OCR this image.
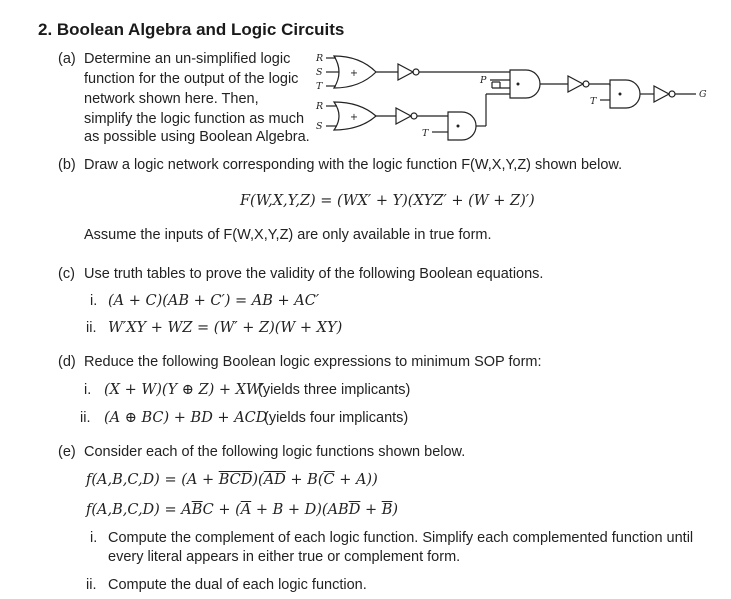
2. Boolean Algebra and Logic Circuits
(a) Determine an un-simplified logic
function for the output of the logic
network shown here. Then,
simplify the logic function as much
as possible using Boolean Algebra.
R
S
T
+
R
S
+
P
T
T
G
(b) Draw a logic network corresponding with the logic function F(W,X,Y,Z) shown below.
F(W,X,Y,Z) = (WX′ + Y)(XYZ′ + (W + Z)′)
Assume the inputs of F(W,X,Y,Z) are only available in true form.
(c) Use truth tables to prove the validity of the following Boolean equations.
i. (A + C)(AB + C′) = AB + AC′
ii. W′XY + WZ = (W′ + Z)(W + XY)
(d) Reduce the following Boolean logic expressions to minimum SOP form:
i. (X + W)(Y ⊕ Z) + XW′
(yields three implicants)
ii. (A ⊕ BC) + BD + ACD
(yields four implicants)
(e) Consider each of the following logic functions shown below.
$f(A,B,C,D) = (A + \overline{BCD})(\overline{AD} + B(\overline{C} + A))$
$f(A,B,C,D) = A\overline{B}C + (\overline{A} + B + D)(AB\overline{D} + \overline{B})$
i. Compute the complement of each logic function. Simplify each complemented function until
every literal appears in either true or complement form.
ii. Compute the dual of each logic function.
